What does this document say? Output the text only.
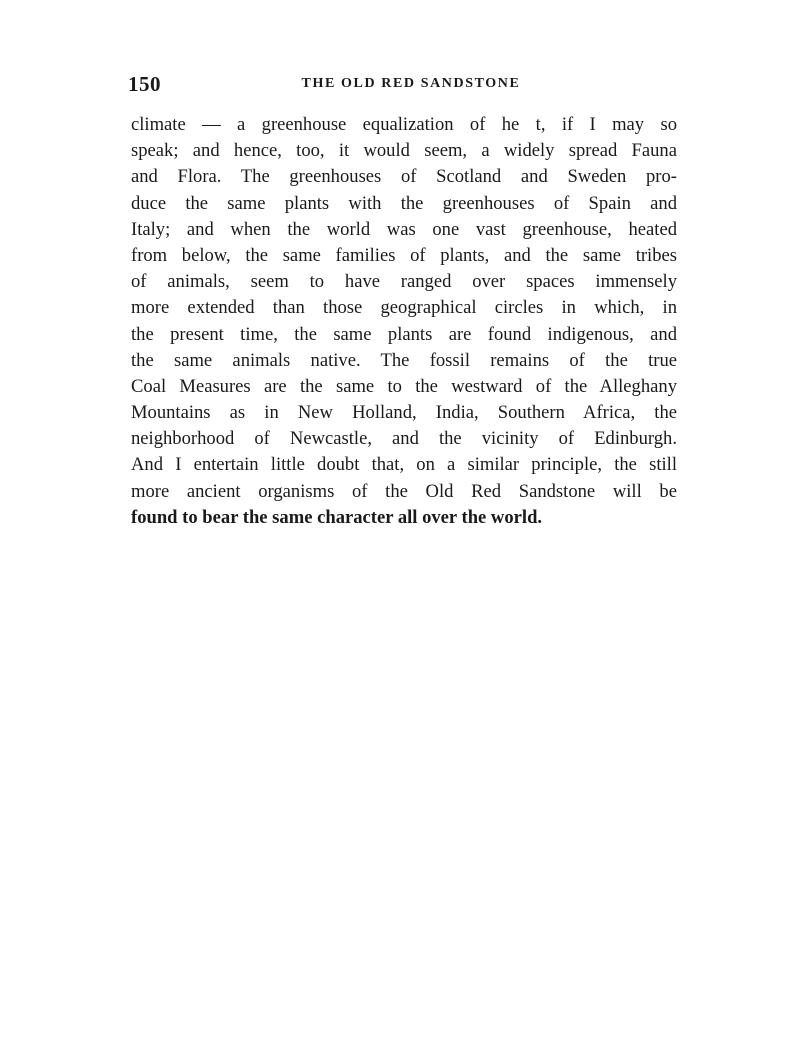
150	THE OLD RED SANDSTONE
climate — a greenhouse equalization of he t, if I may so
speak; and hence, too, it would seem, a widely spread Fauna
and Flora. The greenhouses of Scotland and Sweden pro-
duce the same plants with the greenhouses of Spain and
Italy; and when the world was one vast greenhouse, heated
from below, the same families of plants, and the same tribes
of animals, seem to have ranged over spaces immensely
more extended than those geographical circles in which, in
the present time, the same plants are found indigenous, and
the same animals native. The fossil remains of the true
Coal Measures are the same to the westward of the Alleghany
Mountains as in New Holland, India, Southern Africa, the
neighborhood of Newcastle, and the vicinity of Edinburgh.
And I entertain little doubt that, on a similar principle, the still
more ancient organisms of the Old Red Sandstone will be
found to bear the same character all over the world.
